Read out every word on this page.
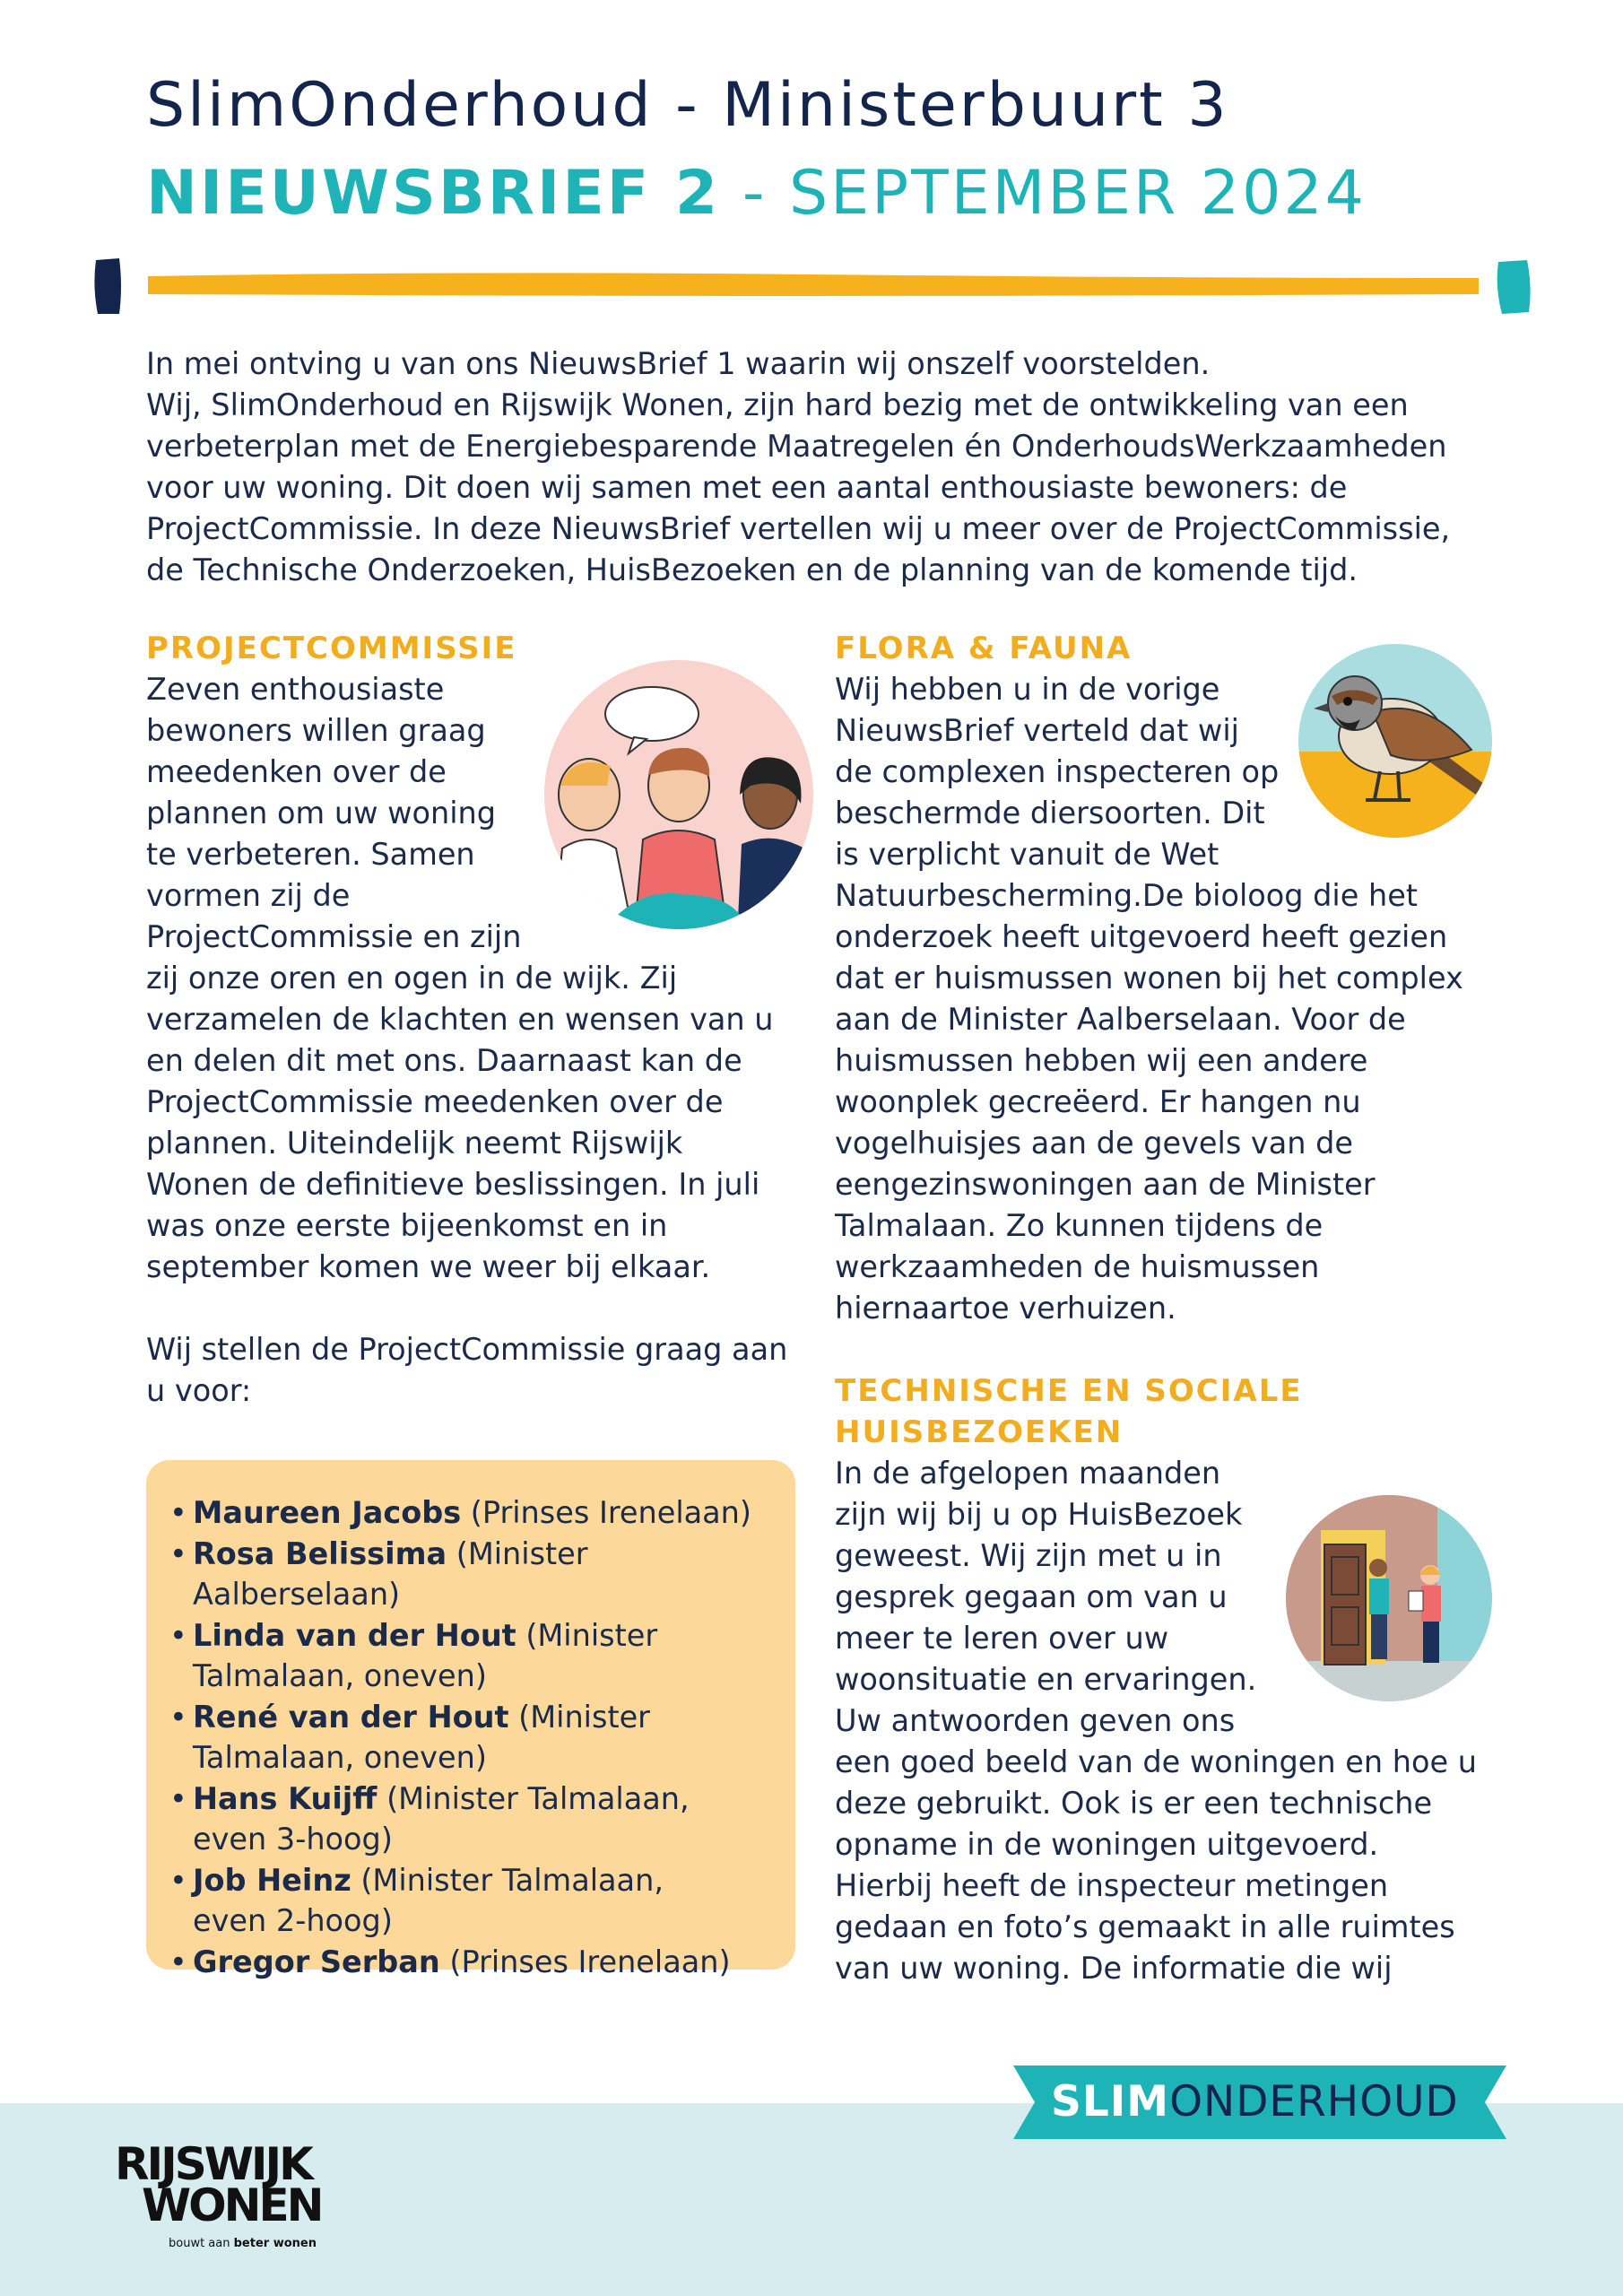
SlimOnderhoud - Ministerbuurt 3
NIEUWSBRIEF 2 - SEPTEMBER 2024

In mei ontving u van ons NieuwsBrief 1 waarin wij onszelf voorstelden.

Wij, SlimOnderhoud en Rijswijk Wonen, zijn hard bezig met de ontwikkeling van een verbeterplan met de Energiebesparende Maatregelen én OnderhoudsWerkzaamheden voor uw woning. Dit doen wij samen met een aantal enthousiaste bewoners: de ProjectCommissie. In deze NieuwsBrief vertellen wij u meer over de ProjectCommissie, de Technische Onderzoeken, HuisBezoeken en de planning van de komende tijd.

PROJECTCOMMISSIE

Zeven enthousiaste bewoners willen graag meedenken over de plannen om uw woning te verbeteren. Samen vormen zij de ProjectCommissie en zijn zij onze oren en ogen in de wijk. Zij verzamelen de klachten en wensen van u en delen dit met ons. Daarnaast kan de ProjectCommissie meedenken over de plannen. Uiteindelijk neemt Rijswijk Wonen de definitieve beslissingen. In juli was onze eerste bijeenkomst en in september komen we weer bij elkaar.

Wij stellen de ProjectCommissie graag aan u voor:

• Maureen Jacobs (Prinses Irenelaan)
• Rosa Belissima (Minister Aalberselaan)
• Linda van der Hout (Minister Talmalaan, oneven)
• René van der Hout (Minister Talmalaan, oneven)
• Hans Kuijff (Minister Talmalaan, even 3-hoog)
• Job Heinz (Minister Talmalaan, even 2-hoog)
• Gregor Serban (Prinses Irenelaan)
FLORA & FAUNA

Wij hebben u in de vorige NieuwsBrief verteld dat wij de complexen inspecteren op beschermde diersoorten. Dit is verplicht vanuit de Wet Natuurbescherming.De bioloog die het onderzoek heeft uitgevoerd heeft gezien dat er huismussen wonen bij het complex aan de Minister Aalberselaan. Voor de huismussen hebben wij een andere woonplek gecreëerd. Er hangen nu vogelhuisjes aan de gevels van de eengezinswoningen aan de Minister Talmalaan. Zo kunnen tijdens de werkzaamheden de huismussen hiernaartoe verhuizen.

TECHNISCHE EN SOCIALE HUISBEZOEKEN

In de afgelopen maanden zijn wij bij u op HuisBezoek geweest. Wij zijn met u in gesprek gegaan om van u meer te leren over uw woonsituatie en ervaringen. Uw antwoorden geven ons een goed beeld van de woningen en hoe u deze gebruikt. Ook is er een technische opname in de woningen uitgevoerd. Hierbij heeft de inspecteur metingen gedaan en foto’s gemaakt in alle ruimtes van uw woning. De informatie die wij

SLIMONDERHOUD
RIJSWIJK
WONEN
bouwt aan beter wonen
